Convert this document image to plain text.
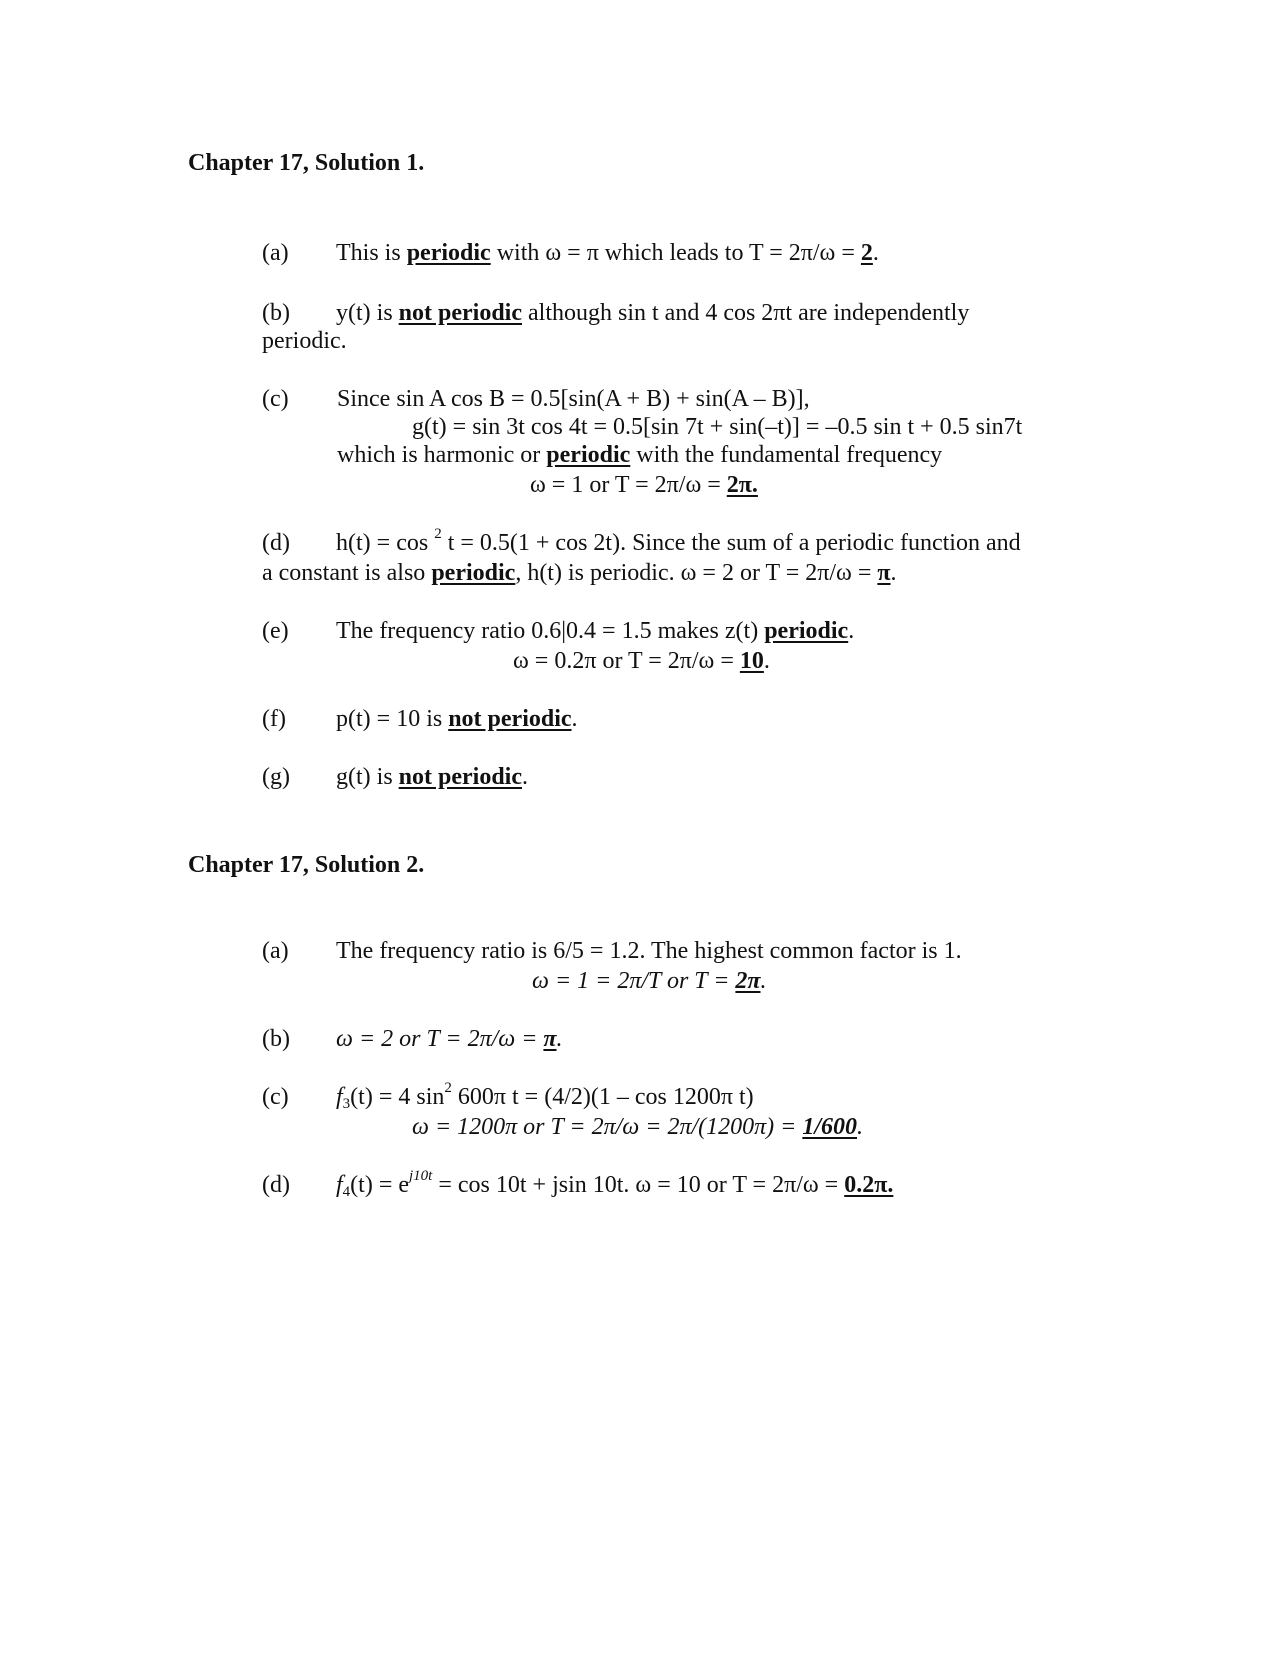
Chapter 17, Solution 1.
(a) This is periodic with ω = π which leads to T = 2π/ω = 2.
(b) y(t) is not periodic although sin t and 4 cos 2πt are independently
periodic.
(c) Since sin A cos B = 0.5[sin(A + B) + sin(A – B)],
g(t) = sin 3t cos 4t = 0.5[sin 7t + sin(–t)] = –0.5 sin t + 0.5 sin7t
which is harmonic or periodic with the fundamental frequency
ω = 1 or T = 2π/ω = 2π.
(d) h(t) = cos $^2$ t = 0.5(1 + cos 2t). Since the sum of a periodic function and
a constant is also periodic, h(t) is periodic. ω = 2 or T = 2π/ω = π.
(e) The frequency ratio 0.6|0.4 = 1.5 makes z(t) periodic.
ω = 0.2π or T = 2π/ω = 10.
(f) p(t) = 10 is not periodic.
(g) g(t) is not periodic.
Chapter 17, Solution 2.
(a) The frequency ratio is 6/5 = 1.2. The highest common factor is 1.
ω = 1 = 2π/T or T = 2π.
(b) ω = 2 or T = 2π/ω = π.
(c) $f_3(t) = 4$ $\sin^2 600\pi$ t = (4/2)(1 – cos 1200π t)
ω = 1200π or T = 2π/ω = 2π/(1200π) = 1/600.
(d) $f_4(t) = e^{j10t} = \cos 10t + jsin$ 10t. ω = 10 or T = 2π/ω = 0.2π.
